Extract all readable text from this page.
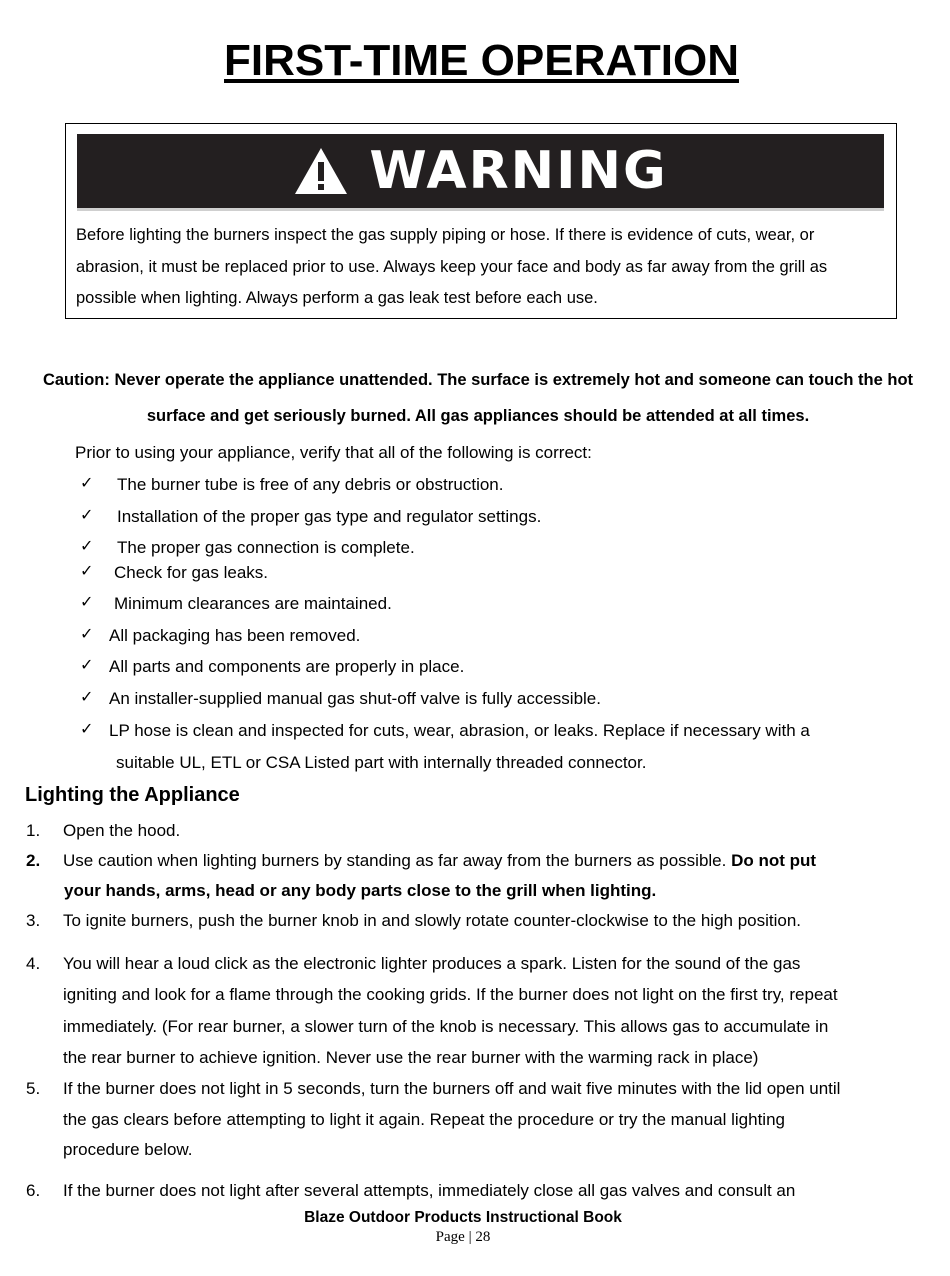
FIRST-TIME OPERATION
WARNING
Before lighting the burners inspect the gas supply piping or hose. If there is evidence of cuts, wear, or
abrasion, it must be replaced prior to use. Always keep your face and body as far away from the grill as
possible when lighting. Always perform a gas leak test before each use.
Caution: Never operate the appliance unattended. The surface is extremely hot and someone can touch the hot
surface and get seriously burned. All gas appliances should be attended at all times.
Prior to using your appliance, verify that all of the following is correct:
✓ The burner tube is free of any debris or obstruction.
✓ Installation of the proper gas type and regulator settings.
✓ The proper gas connection is complete.
✓ Check for gas leaks.
✓ Minimum clearances are maintained.
✓ All packaging has been removed.
✓ All parts and components are properly in place.
✓ An installer-supplied manual gas shut-off valve is fully accessible.
✓ LP hose is clean and inspected for cuts, wear, abrasion, or leaks. Replace if necessary with a
suitable UL, ETL or CSA Listed part with internally threaded connector.
Lighting the Appliance
1. Open the hood.
2. Use caution when lighting burners by standing as far away from the burners as possible. Do not put
your hands, arms, head or any body parts close to the grill when lighting.
3. To ignite burners, push the burner knob in and slowly rotate counter-clockwise to the high position.
4. You will hear a loud click as the electronic lighter produces a spark. Listen for the sound of the gas
igniting and look for a flame through the cooking grids. If the burner does not light on the first try, repeat
immediately. (For rear burner, a slower turn of the knob is necessary. This allows gas to accumulate in
the rear burner to achieve ignition. Never use the rear burner with the warming rack in place)
5. If the burner does not light in 5 seconds, turn the burners off and wait five minutes with the lid open until
the gas clears before attempting to light it again. Repeat the procedure or try the manual lighting
procedure below.
6. If the burner does not light after several attempts, immediately close all gas valves and consult an
Blaze Outdoor Products Instructional Book
Page | 28
